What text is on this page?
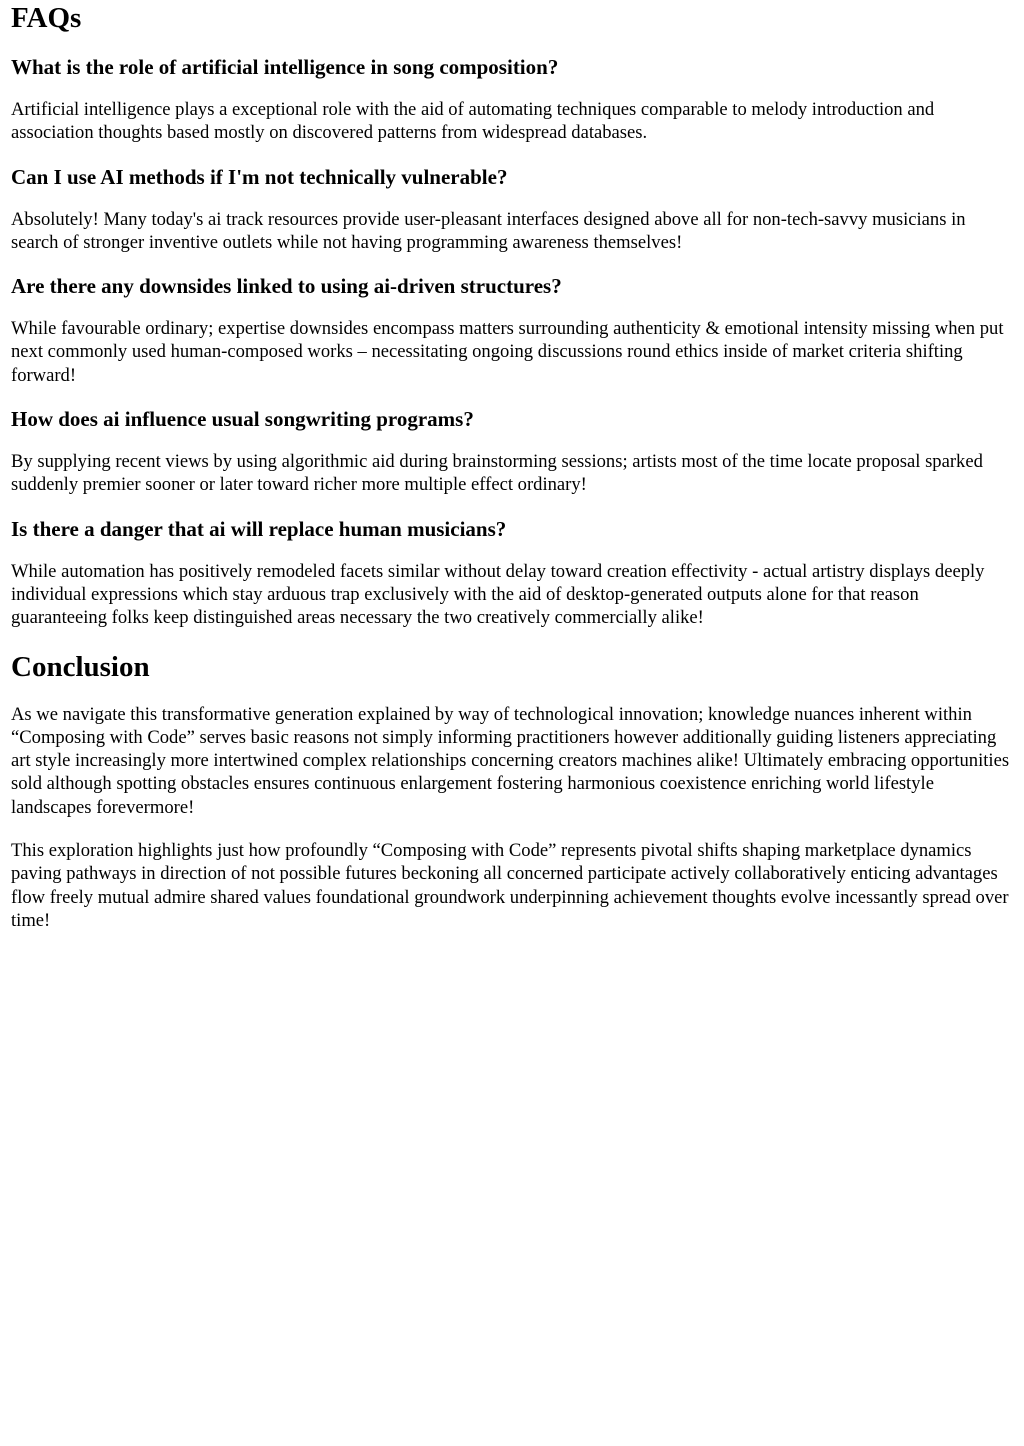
FAQs
What is the role of artificial intelligence in song composition?

Artificial intelligence plays a exceptional role with the aid of automating techniques comparable to melody introduction and association thoughts based mostly on discovered patterns from widespread databases.

Can I use AI methods if I'm not technically vulnerable?

Absolutely! Many today's ai track resources provide user-pleasant interfaces designed above all for non-tech-savvy musicians in search of stronger inventive outlets while not having programming awareness themselves!

Are there any downsides linked to using ai-driven structures?

While favourable ordinary; expertise downsides encompass matters surrounding authenticity & emotional intensity missing when put next commonly used human-composed works – necessitating ongoing discussions round ethics inside of market criteria shifting forward!

How does ai influence usual songwriting programs?

By supplying recent views by using algorithmic aid during brainstorming sessions; artists most of the time locate proposal sparked suddenly premier sooner or later toward richer more multiple effect ordinary!

Is there a danger that ai will replace human musicians?

While automation has positively remodeled facets similar without delay toward creation effectivity - actual artistry displays deeply individual expressions which stay arduous trap exclusively with the aid of desktop-generated outputs alone for that reason guaranteeing folks keep distinguished areas necessary the two creatively commercially alike!

Conclusion

As we navigate this transformative generation explained by way of technological innovation; knowledge nuances inherent within “Composing with Code” serves basic reasons not simply informing practitioners however additionally guiding listeners appreciating art style increasingly more intertwined complex relationships concerning creators machines alike! Ultimately embracing opportunities sold although spotting obstacles ensures continuous enlargement fostering harmonious coexistence enriching world lifestyle landscapes forevermore!

This exploration highlights just how profoundly “Composing with Code” represents pivotal shifts shaping marketplace dynamics paving pathways in direction of not possible futures beckoning all concerned participate actively collaboratively enticing advantages flow freely mutual admire shared values foundational groundwork underpinning achievement thoughts evolve incessantly spread over time!
